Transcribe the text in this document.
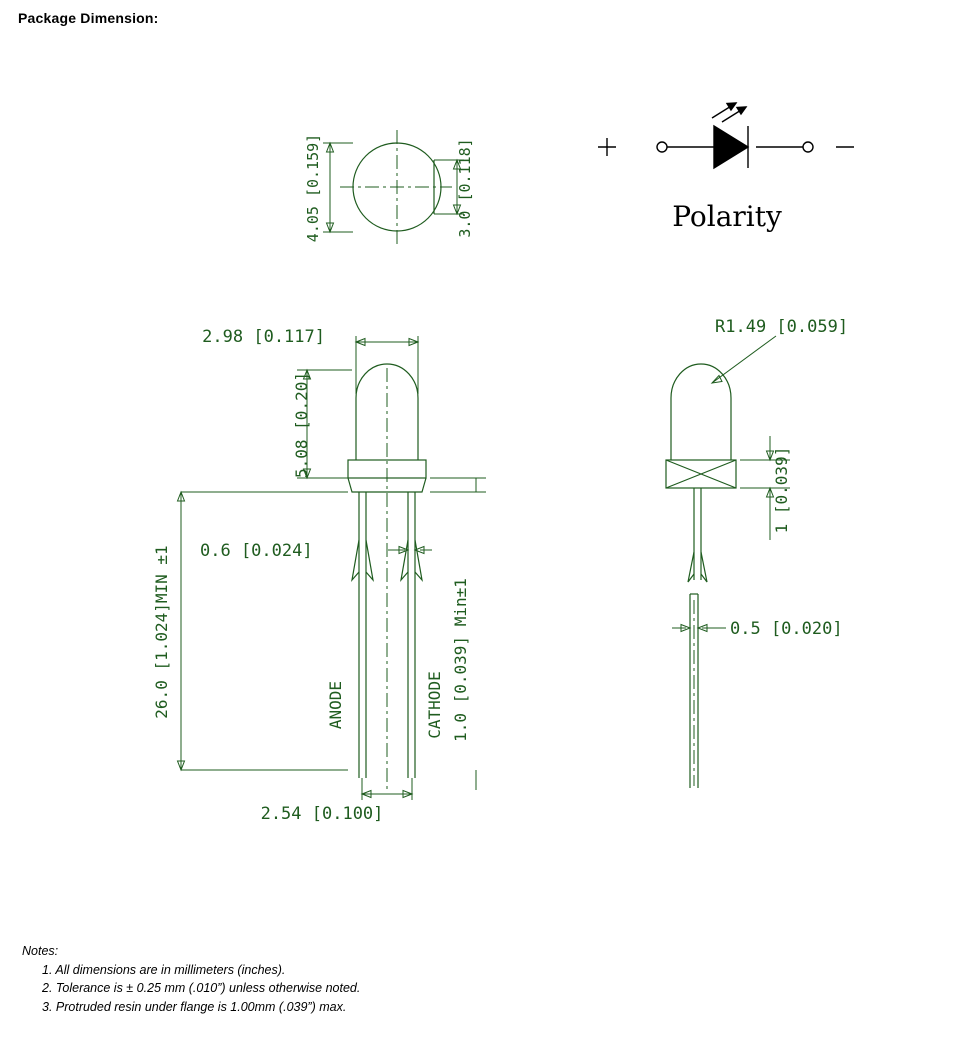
Package Dimension:
4.05 [0.159]	3.0 [0.118]	Polarity
2.98 [0.117]
5.08 [0.20]
26.0 [1.024]MIN ±1 0.6 [0.024]
1.0 [0.039] Min±1
ANODE	CATHODE
2.54 [0.100]
R1.49 [0.059]
1 [0.039]
0.5 [0.020]
Notes:
1. All dimensions are in millimeters (inches).
2. Tolerance is ± 0.25 mm (.010”) unless otherwise noted.
3. Protruded resin under flange is 1.00mm (.039”) max.
